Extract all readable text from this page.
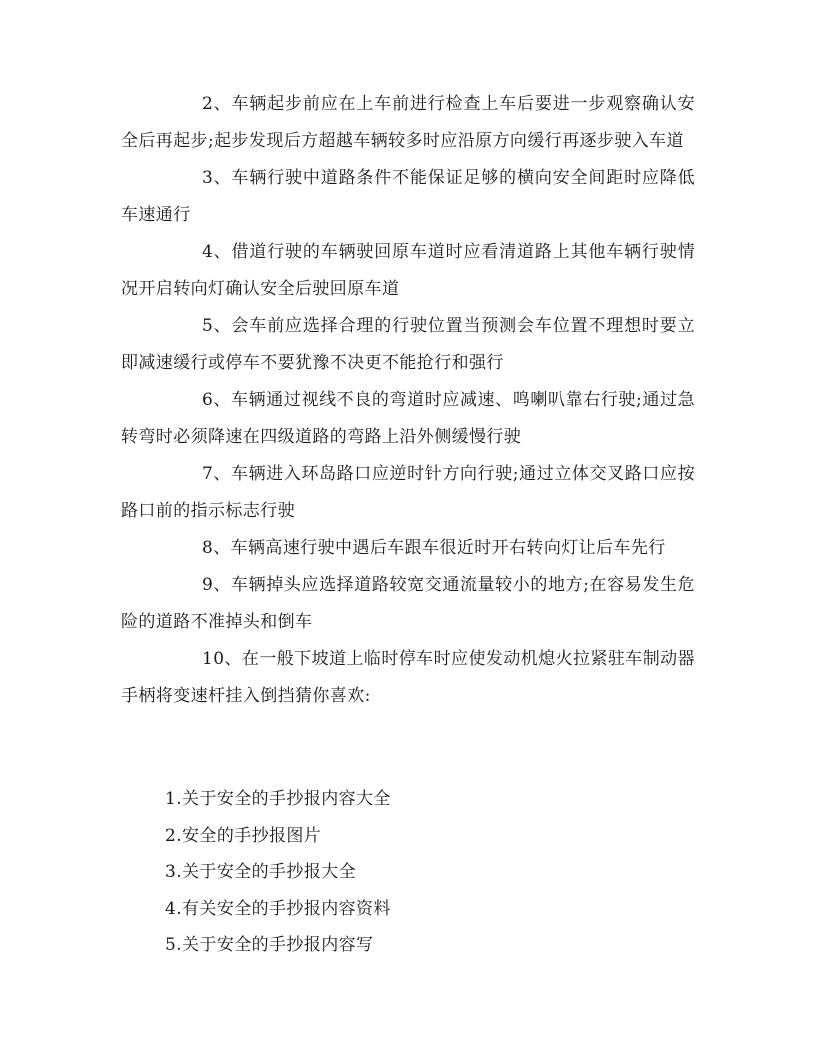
2、车辆起步前应在上车前进行检查上车后要进一步观察确认安全后再起步;起步发现后方超越车辆较多时应沿原方向缓行再逐步驶入车道

3、车辆行驶中道路条件不能保证足够的横向安全间距时应降低车速通行

4、借道行驶的车辆驶回原车道时应看清道路上其他车辆行驶情况开启转向灯确认安全后驶回原车道

5、会车前应选择合理的行驶位置当预测会车位置不理想时要立即减速缓行或停车不要犹豫不决更不能抢行和强行

6、车辆通过视线不良的弯道时应减速、鸣喇叭靠右行驶;通过急转弯时必须降速在四级道路的弯路上沿外侧缓慢行驶

7、车辆进入环岛路口应逆时针方向行驶;通过立体交叉路口应按路口前的指示标志行驶

8、车辆高速行驶中遇后车跟车很近时开右转向灯让后车先行

9、车辆掉头应选择道路较宽交通流量较小的地方;在容易发生危险的道路不准掉头和倒车

10、在一般下坡道上临时停车时应使发动机熄火拉紧驻车制动器手柄将变速杆挂入倒挡猜你喜欢:

1.关于安全的手抄报内容大全
2.安全的手抄报图片
3.关于安全的手抄报大全
4.有关安全的手抄报内容资料
5.关于安全的手抄报内容写
